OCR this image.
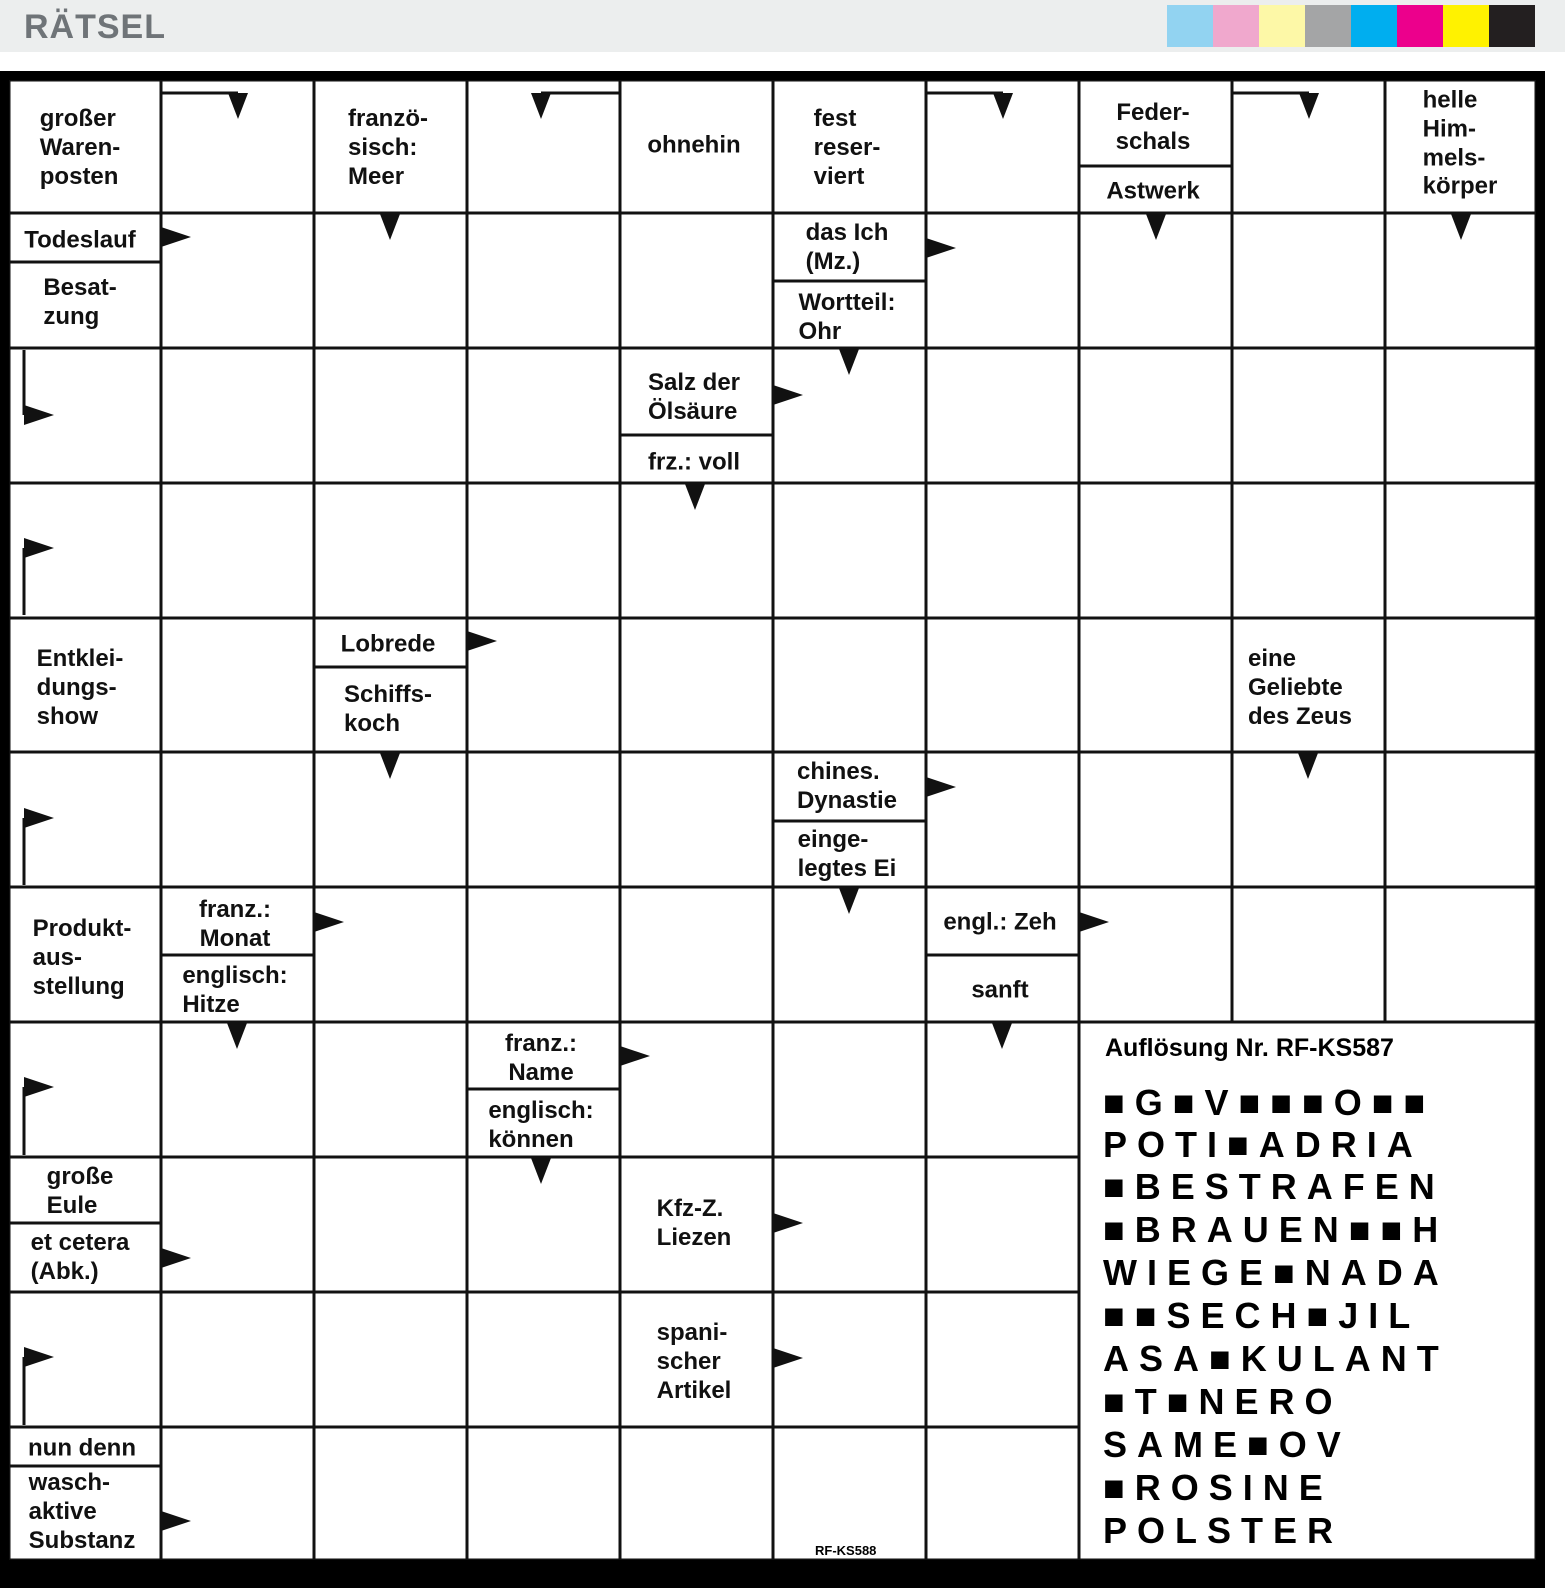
RÄTSEL
großer
Waren-
posten
franzö-
sisch:
Meer
ohnehin
fest
reser-
viert
Feder-
schals
Astwerk
helle
Him-
mels-
körper
Todeslauf
Besat-
zung
das Ich
(Mz.)
Wortteil:
Ohr
Salz der
Ölsäure
frz.: voll
Entklei-
dungs-
show
Lobrede
Schiffs-
koch
eine
Geliebte
des Zeus
chines.
Dynastie
einge-
legtes Ei
Produkt-
aus-
stellung
franz.:
Monat
englisch:
Hitze
engl.: Zeh
sanft
franz.:
Name
englisch:
können
große
Eule
et cetera
(Abk.)
Kfz-Z.
Liezen
spani-
scher
Artikel
nun denn
wasch-
aktive
Substanz
Auflösung Nr. RF-KS587
■G■V■■■O■■
POTI■ADRIA
■BESTRAFEN
■BRAUEN■■H
WIEGE■NADA
■■SECH■JIL
ASA■KULANT
■T■NERO
SAME■OV
■ROSINE
POLSTER
RF-KS588
